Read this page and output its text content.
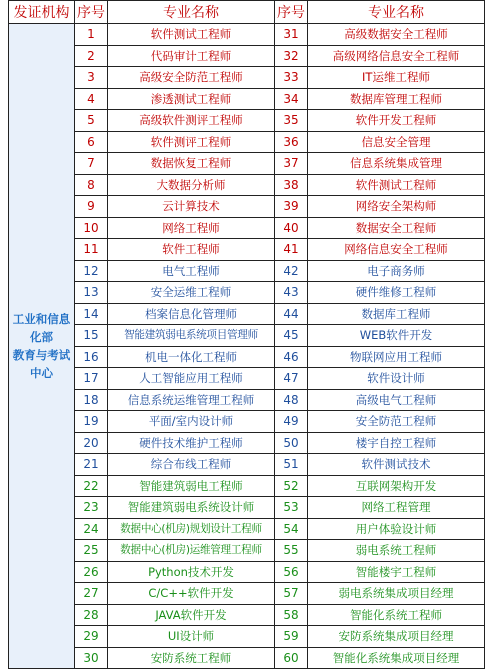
发证机构	序号	专业名称	序号	专业名称

工业和信息
化部
教育与考试
中心	1	软件测试工程师	31	高级数据安全工程师
	2	代码审计工程师	32	高级网络信息安全工程师
	3	高级安全防范工程师	33	IT运维工程师
	4	渗透测试工程师	34	数据库管理工程师
	5	高级软件测评工程师	35	软件开发工程师
	6	软件测评工程师	36	信息安全管理
	7	数据恢复工程师	37	信息系统集成管理
	8	大数据分析师	38	软件测试工程师
	9	云计算技术	39	网络安全架构师
	10	网络工程师	40	数据安全工程师
	11	软件工程师	41	网络信息安全工程师
	12	电气工程师	42	电子商务师
	13	安全运维工程师	43	硬件维修工程师
	14	档案信息化管理师	44	数据库工程师
	15	智能建筑弱电系统项目管理师	45	WEB软件开发
	16	机电一体化工程师	46	物联网应用工程师
	17	人工智能应用工程师	47	软件设计师
	18	信息系统运维管理工程师	48	高级电气工程师
	19	平面/室内设计师	49	安全防范工程师
	20	硬件技术维护工程师	50	楼宇自控工程师
	21	综合布线工程师	51	软件测试技术
	22	智能建筑弱电工程师	52	互联网架构开发
	23	智能建筑弱电系统设计师	53	网络工程管理
	24	数据中心(机房)规划设计工程师	54	用户体验设计师
	25	数据中心(机房)运维管理工程师	55	弱电系统工程师
	26	Python技术开发	56	智能楼宇工程师
	27	C/C++软件开发	57	弱电系统集成项目经理
	28	JAVA软件开发	58	智能化系统工程师
	29	UI设计师	59	安防系统集成项目经理
	30	安防系统工程师	60	智能化系统集成项目经理
